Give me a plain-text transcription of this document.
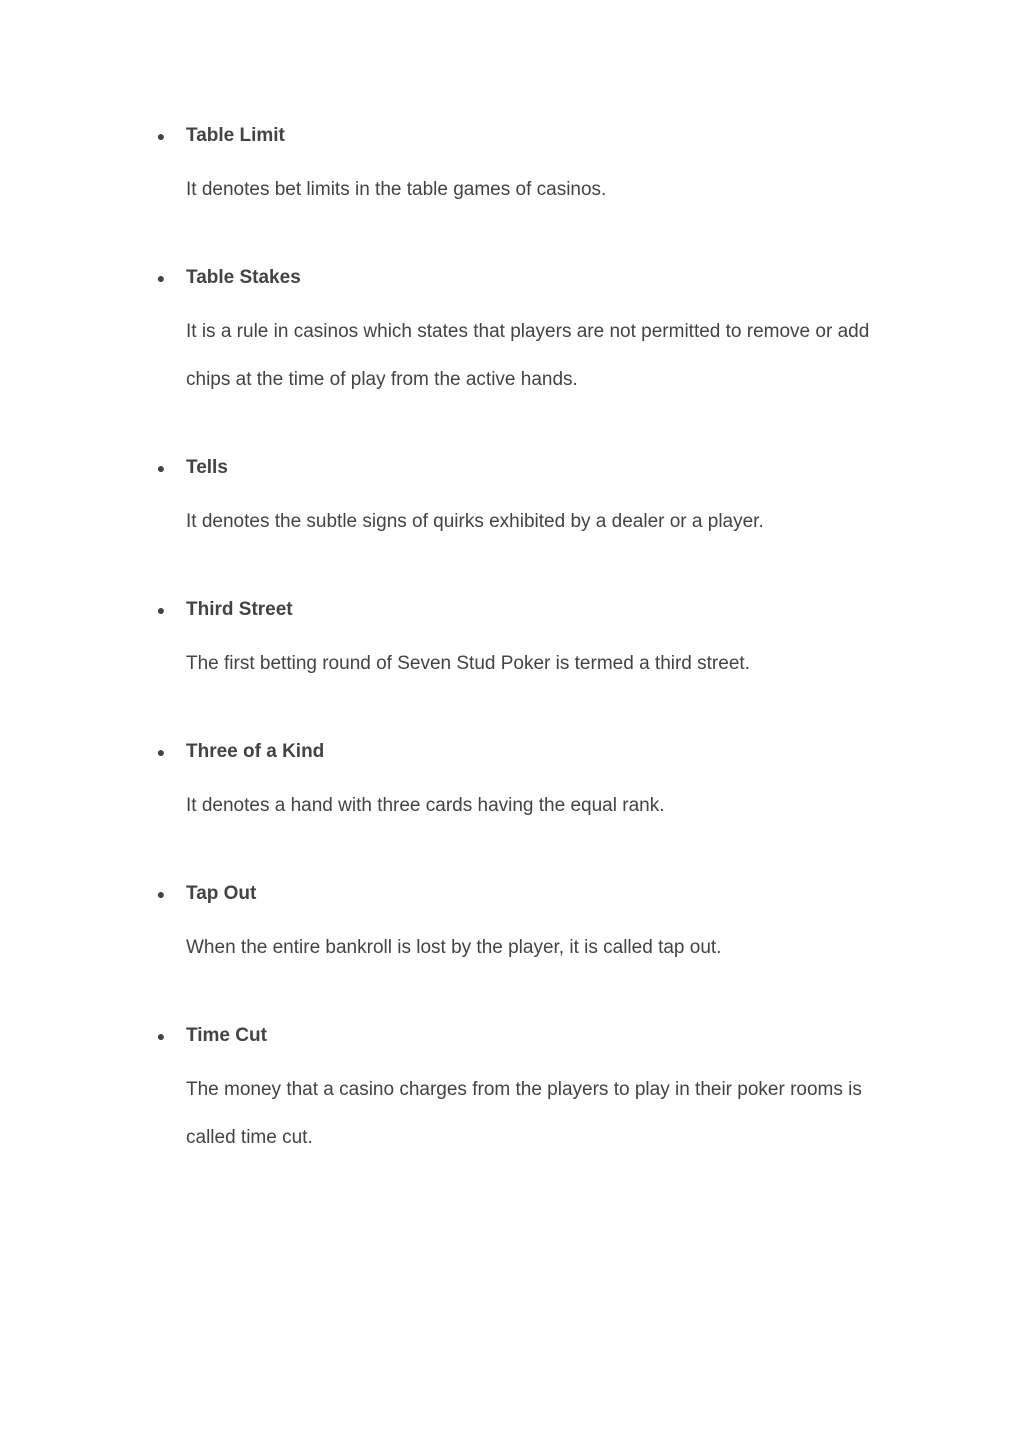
● Table Limit
It denotes bet limits in the table games of casinos.
● Table Stakes
It is a rule in casinos which states that players are not permitted to remove or add chips at the time of play from the active hands.
● Tells
It denotes the subtle signs of quirks exhibited by a dealer or a player.
● Third Street
The first betting round of Seven Stud Poker is termed a third street.
● Three of a Kind
It denotes a hand with three cards having the equal rank.
● Tap Out
When the entire bankroll is lost by the player, it is called tap out.
● Time Cut
The money that a casino charges from the players to play in their poker rooms is called time cut.
